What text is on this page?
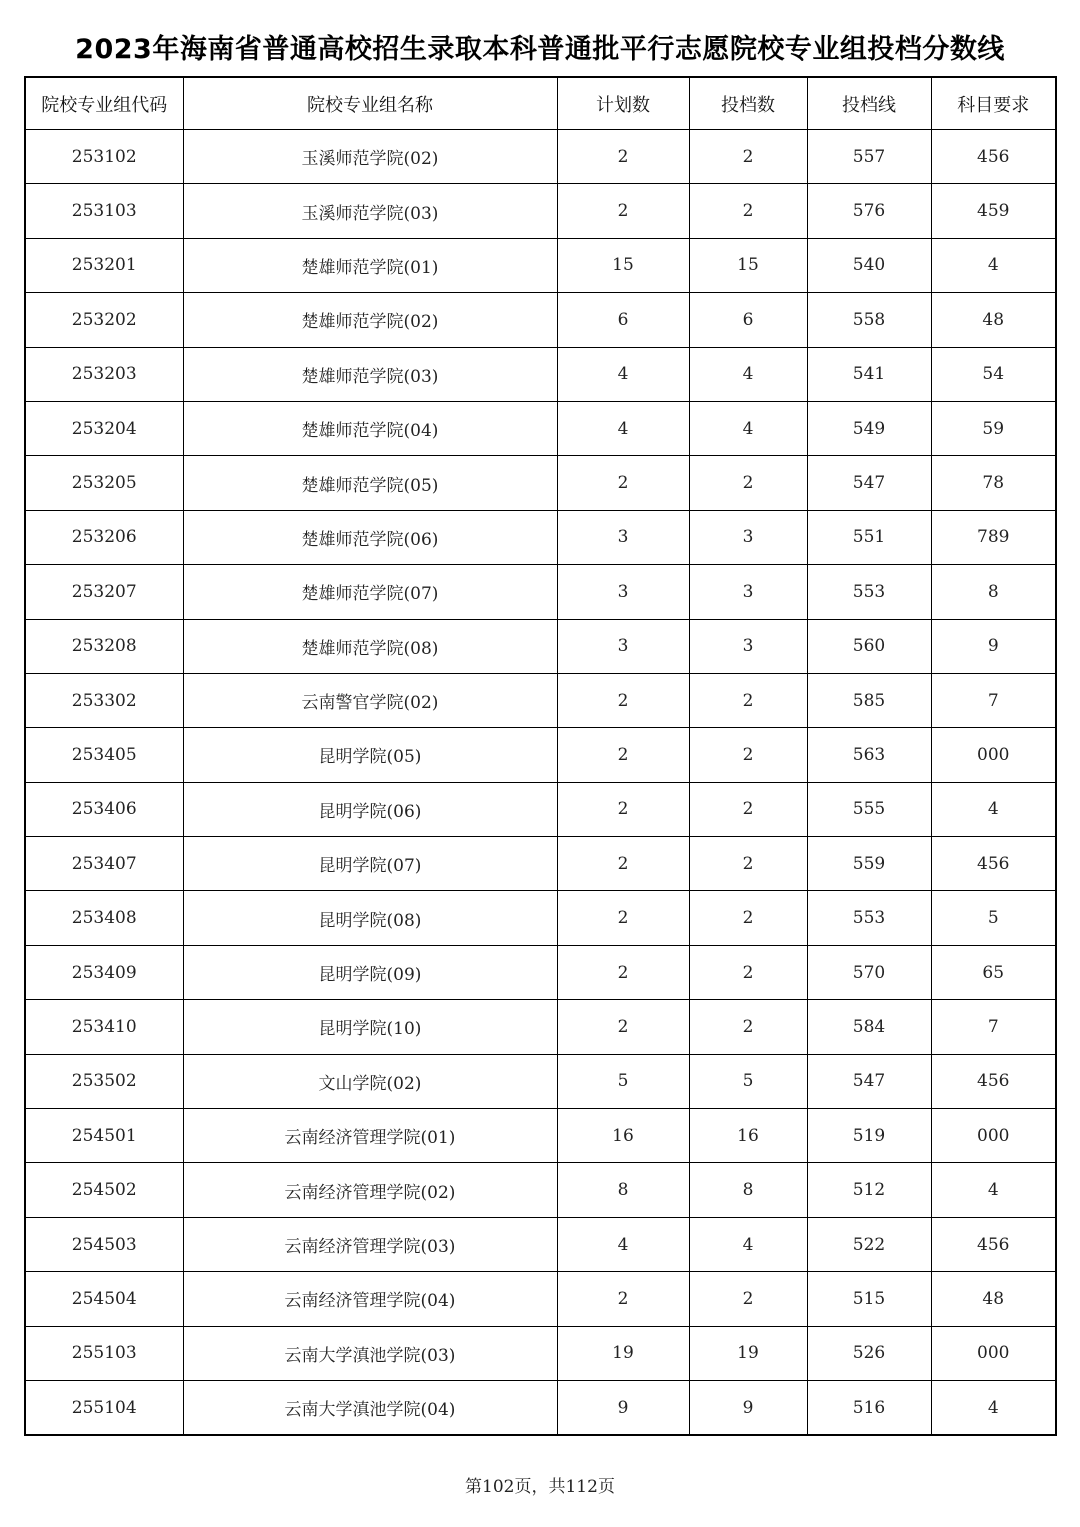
2023年海南省普通高校招生录取本科普通批平行志愿院校专业组投档分数线
院校专业组代码	院校专业组名称	计划数	投档数	投档线	科目要求
253102	玉溪师范学院(02)	2	2	557	456
253103	玉溪师范学院(03)	2	2	576	459
253201	楚雄师范学院(01)	15	15	540	4
253202	楚雄师范学院(02)	6	6	558	48
253203	楚雄师范学院(03)	4	4	541	54
253204	楚雄师范学院(04)	4	4	549	59
253205	楚雄师范学院(05)	2	2	547	78
253206	楚雄师范学院(06)	3	3	551	789
253207	楚雄师范学院(07)	3	3	553	8
253208	楚雄师范学院(08)	3	3	560	9
253302	云南警官学院(02)	2	2	585	7
253405	昆明学院(05)	2	2	563	000
253406	昆明学院(06)	2	2	555	4
253407	昆明学院(07)	2	2	559	456
253408	昆明学院(08)	2	2	553	5
253409	昆明学院(09)	2	2	570	65
253410	昆明学院(10)	2	2	584	7
253502	文山学院(02)	5	5	547	456
254501	云南经济管理学院(01)	16	16	519	000
254502	云南经济管理学院(02)	8	8	512	4
254503	云南经济管理学院(03)	4	4	522	456
254504	云南经济管理学院(04)	2	2	515	48
255103	云南大学滇池学院(03)	19	19	526	000
255104	云南大学滇池学院(04)	9	9	516	4
第102页，共112页
